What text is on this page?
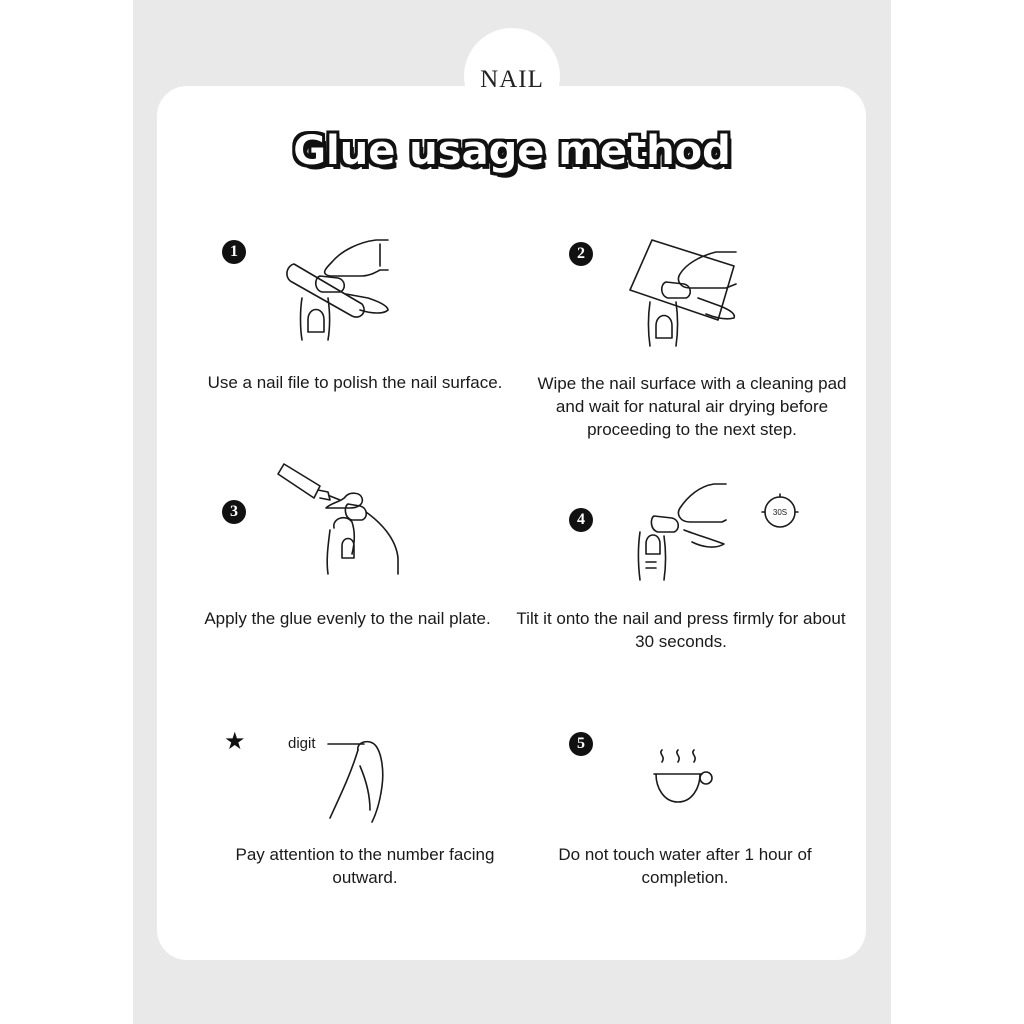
NAIL
Glue usage method
1
Use a nail file to polish the nail surface.
2
Wipe the nail surface with a cleaning pad and wait for natural air drying before proceeding to the next step.
3
Apply the glue evenly to the nail plate.
4	30S
Tilt it onto the nail and press firmly for about 30 seconds.
★	digit
Pay attention to the number facing outward.
5
Do not touch water after 1 hour of completion.
